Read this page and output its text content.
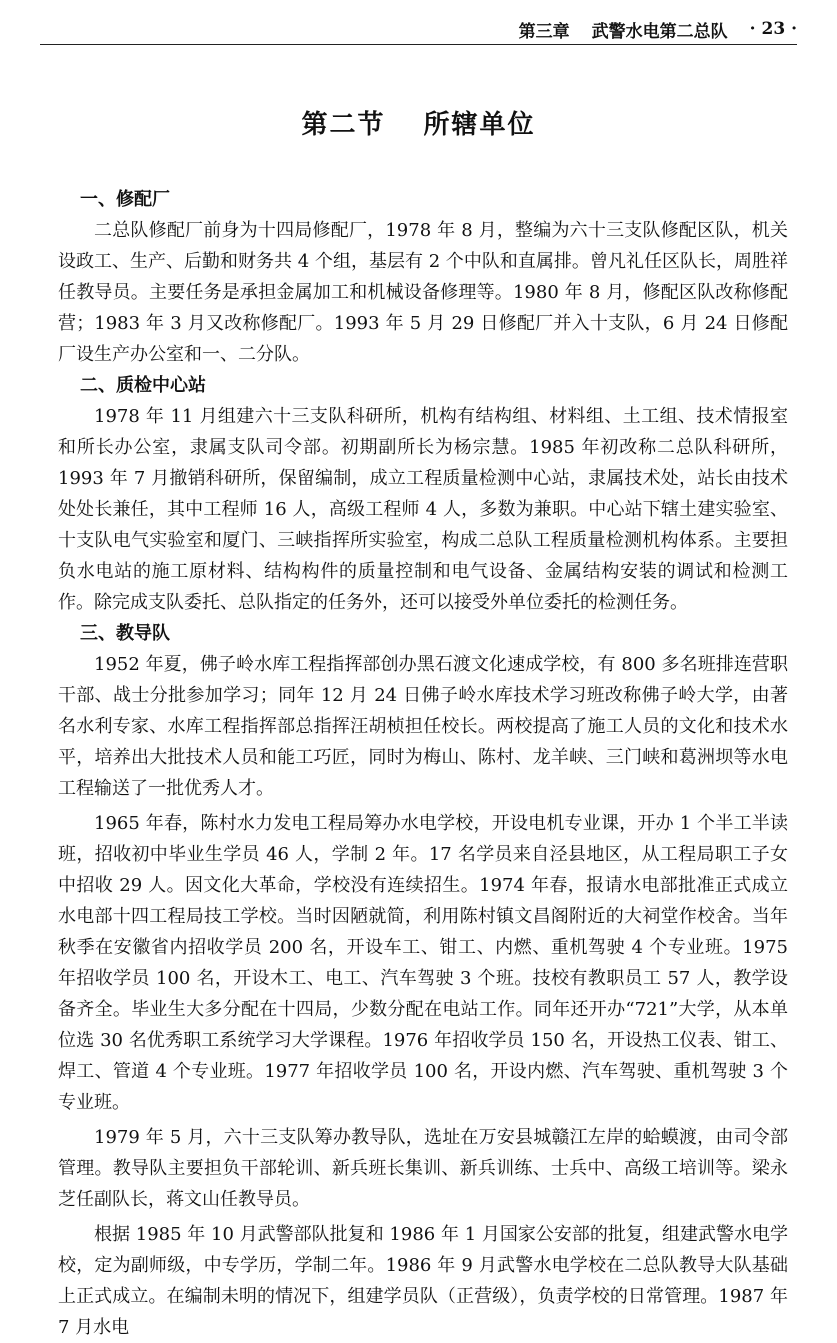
第三章 武警水电第二总队 · 23 ·
第二节 所辖单位

一、修配厂

二总队修配厂前身为十四局修配厂，1978 年 8 月，整编为六十三支队修配区队，机关设政工、生产、后勤和财务共 4 个组，基层有 2 个中队和直属排。曾凡礼任区队长，周胜祥任教导员。主要任务是承担金属加工和机械设备修理等。1980 年 8 月，修配区队改称修配营；1983 年 3 月又改称修配厂。1993 年 5 月 29 日修配厂并入十支队，6 月 24 日修配厂设生产办公室和一、二分队。

二、质检中心站

1978 年 11 月组建六十三支队科研所，机构有结构组、材料组、土工组、技术情报室和所长办公室，隶属支队司令部。初期副所长为杨宗慧。1985 年初改称二总队科研所，1993 年 7 月撤销科研所，保留编制，成立工程质量检测中心站，隶属技术处，站长由技术处处长兼任，其中工程师 16 人，高级工程师 4 人，多数为兼职。中心站下辖土建实验室、十支队电气实验室和厦门、三峡指挥所实验室，构成二总队工程质量检测机构体系。主要担负水电站的施工原材料、结构构件的质量控制和电气设备、金属结构安装的调试和检测工作。除完成支队委托、总队指定的任务外，还可以接受外单位委托的检测任务。

三、教导队

1952 年夏，佛子岭水库工程指挥部创办黑石渡文化速成学校，有 800 多名班排连营职干部、战士分批参加学习；同年 12 月 24 日佛子岭水库技术学习班改称佛子岭大学，由著名水利专家、水库工程指挥部总指挥汪胡桢担任校长。两校提高了施工人员的文化和技术水平，培养出大批技术人员和能工巧匠，同时为梅山、陈村、龙羊峡、三门峡和葛洲坝等水电工程输送了一批优秀人才。

1965 年春，陈村水力发电工程局筹办水电学校，开设电机专业课，开办 1 个半工半读班，招收初中毕业生学员 46 人，学制 2 年。17 名学员来自泾县地区，从工程局职工子女中招收 29 人。因文化大革命，学校没有连续招生。1974 年春，报请水电部批准正式成立水电部十四工程局技工学校。当时因陋就简，利用陈村镇文昌阁附近的大祠堂作校舍。当年秋季在安徽省内招收学员 200 名，开设车工、钳工、内燃、重机驾驶 4 个专业班。1975 年招收学员 100 名，开设木工、电工、汽车驾驶 3 个班。技校有教职员工 57 人，教学设备齐全。毕业生大多分配在十四局，少数分配在电站工作。同年还开办“721”大学，从本单位选 30 名优秀职工系统学习大学课程。1976 年招收学员 150 名，开设热工仪表、钳工、焊工、管道 4 个专业班。1977 年招收学员 100 名，开设内燃、汽车驾驶、重机驾驶 3 个专业班。

1979 年 5 月，六十三支队筹办教导队，选址在万安县城赣江左岸的蛤蟆渡，由司令部管理。教导队主要担负干部轮训、新兵班长集训、新兵训练、士兵中、高级工培训等。梁永芝任副队长，蒋文山任教导员。

根据 1985 年 10 月武警部队批复和 1986 年 1 月国家公安部的批复，组建武警水电学校，定为副师级，中专学历，学制二年。1986 年 9 月武警水电学校在二总队教导大队基础上正式成立。在编制未明的情况下，组建学员队（正营级），负责学校的日常管理。1987 年 7 月水电
